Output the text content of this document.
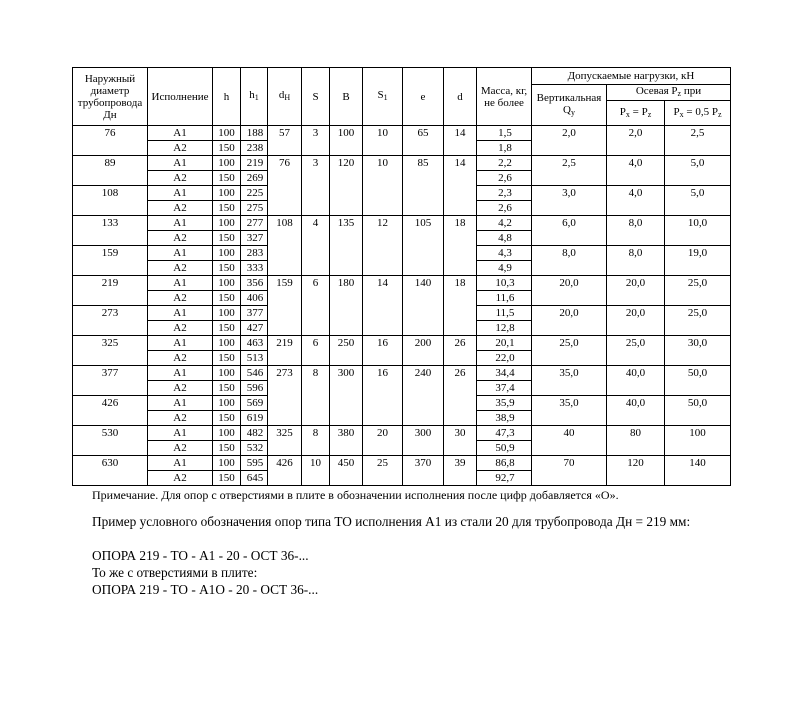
Наружный диаметр трубопровода Дн	Исполнение	h	$h_1$	$d_Н$	S	B	$S_1$	e	d	Масса, кг, не более	Допускаемые нагрузки, кН		
											Вертикальная $Q_y$	Осевая $P_z$ при	
												$P_x = P_z$	$P_x = 0,5$ $P_z$
76	А1	100	188	57	3	100	10	65	14	1,5	2,0	2,0	2,5
	А2	150	238							1,8			
89	А1	100	219	76	3	120	10	85	14	2,2	2,5	4,0	5,0
	А2	150	269							2,6			
108	А1	100	225							2,3	3,0	4,0	5,0
	А2	150	275							2,6			
133	А1	100	277	108	4	135	12	105	18	4,2	6,0	8,0	10,0
	А2	150	327							4,8			
159	А1	100	283							4,3	8,0	8,0	19,0
	А2	150	333							4,9			
219	А1	100	356	159	6	180	14	140	18	10,3	20,0	20,0	25,0
	А2	150	406							11,6			
273	А1	100	377							11,5	20,0	20,0	25,0
	А2	150	427							12,8			
325	А1	100	463	219	6	250	16	200	26	20,1	25,0	25,0	30,0
	А2	150	513							22,0			
377	А1	100	546	273	8	300	16	240	26	34,4	35,0	40,0	50,0
	А2	150	596							37,4			
426	А1	100	569							35,9	35,0	40,0	50,0
	А2	150	619							38,9			
530	А1	100	482	325	8	380	20	300	30	47,3	40	80	100
	А2	150	532							50,9			
630	А1	100	595	426	10	450	25	370	39	86,8	70	120	140
	А2	150	645							92,7			
Примечание. Для опор с отверстиями в плите в обозначении исполнения после цифр добавляется «О».
Пример условного обозначения опор типа ТО исполнения А1 из стали 20 для трубопровода Дн = 219 мм:
ОПОРА 219 - ТО - А1 - 20 - ОСТ 36-...
То же с отверстиями в плите:
ОПОРА 219 - ТО - А1О - 20 - ОСТ 36-...
